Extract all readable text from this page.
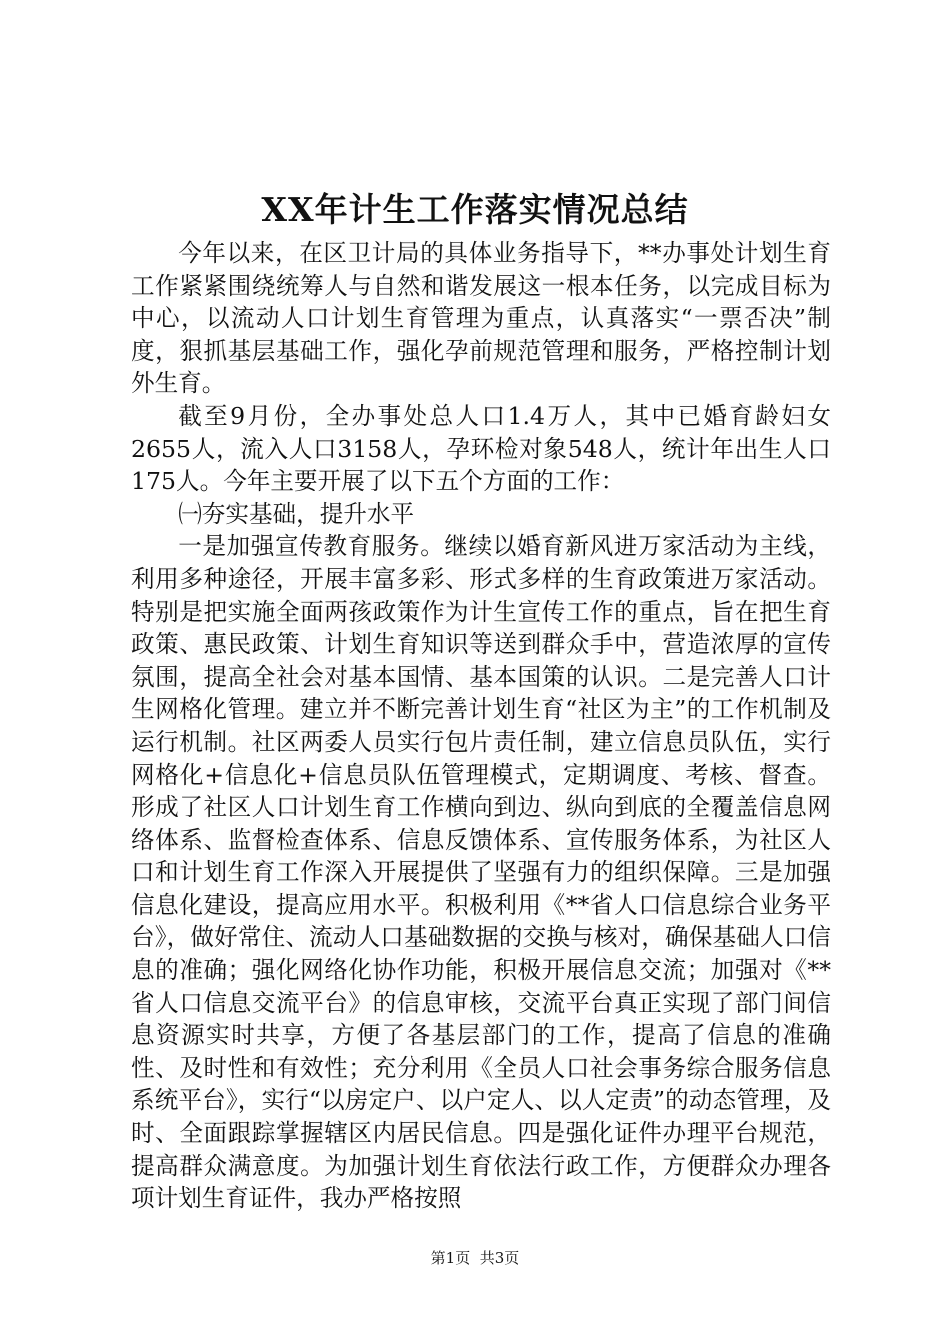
XX年计生工作落实情况总结

今年以来，在区卫计局的具体业务指导下，**办事处计划生育工作紧紧围绕统筹人与自然和谐发展这一根本任务，以完成目标为中心，以流动人口计划生育管理为重点，认真落实“一票否决”制度，狠抓基层基础工作，强化孕前规范管理和服务，严格控制计划外生育。

截至9月份，全办事处总人口1.4万人，其中已婚育龄妇女2655人，流入人口3158人，孕环检对象548人，统计年出生人口175人。今年主要开展了以下五个方面的工作：

㈠夯实基础，提升水平

一是加强宣传教育服务。继续以婚育新风进万家活动为主线，利用多种途径，开展丰富多彩、形式多样的生育政策进万家活动。特别是把实施全面两孩政策作为计生宣传工作的重点，旨在把生育政策、惠民政策、计划生育知识等送到群众手中，营造浓厚的宣传氛围，提高全社会对基本国情、基本国策的认识。二是完善人口计生网格化管理。建立并不断完善计划生育“社区为主”的工作机制及运行机制。社区两委人员实行包片责任制，建立信息员队伍，实行网格化+信息化+信息员队伍管理模式，定期调度、考核、督查。形成了社区人口计划生育工作横向到边、纵向到底的全覆盖信息网络体系、监督检查体系、信息反馈体系、宣传服务体系，为社区人口和计划生育工作深入开展提供了坚强有力的组织保障。三是加强信息化建设，提高应用水平。积极利用《**省人口信息综合业务平台》，做好常住、流动人口基础数据的交换与核对，确保基础人口信息的准确；强化网络化协作功能，积极开展信息交流；加强对《**省人口信息交流平台》的信息审核，交流平台真正实现了部门间信息资源实时共享，方便了各基层部门的工作，提高了信息的准确性、及时性和有效性；充分利用《全员人口社会事务综合服务信息系统平台》，实行“以房定户、以户定人、以人定责”的动态管理，及时、全面跟踪掌握辖区内居民信息。四是强化证件办理平台规范，提高群众满意度。为加强计划生育依法行政工作，方便群众办理各项计划生育证件，我办严格按照

第1页 共3页
